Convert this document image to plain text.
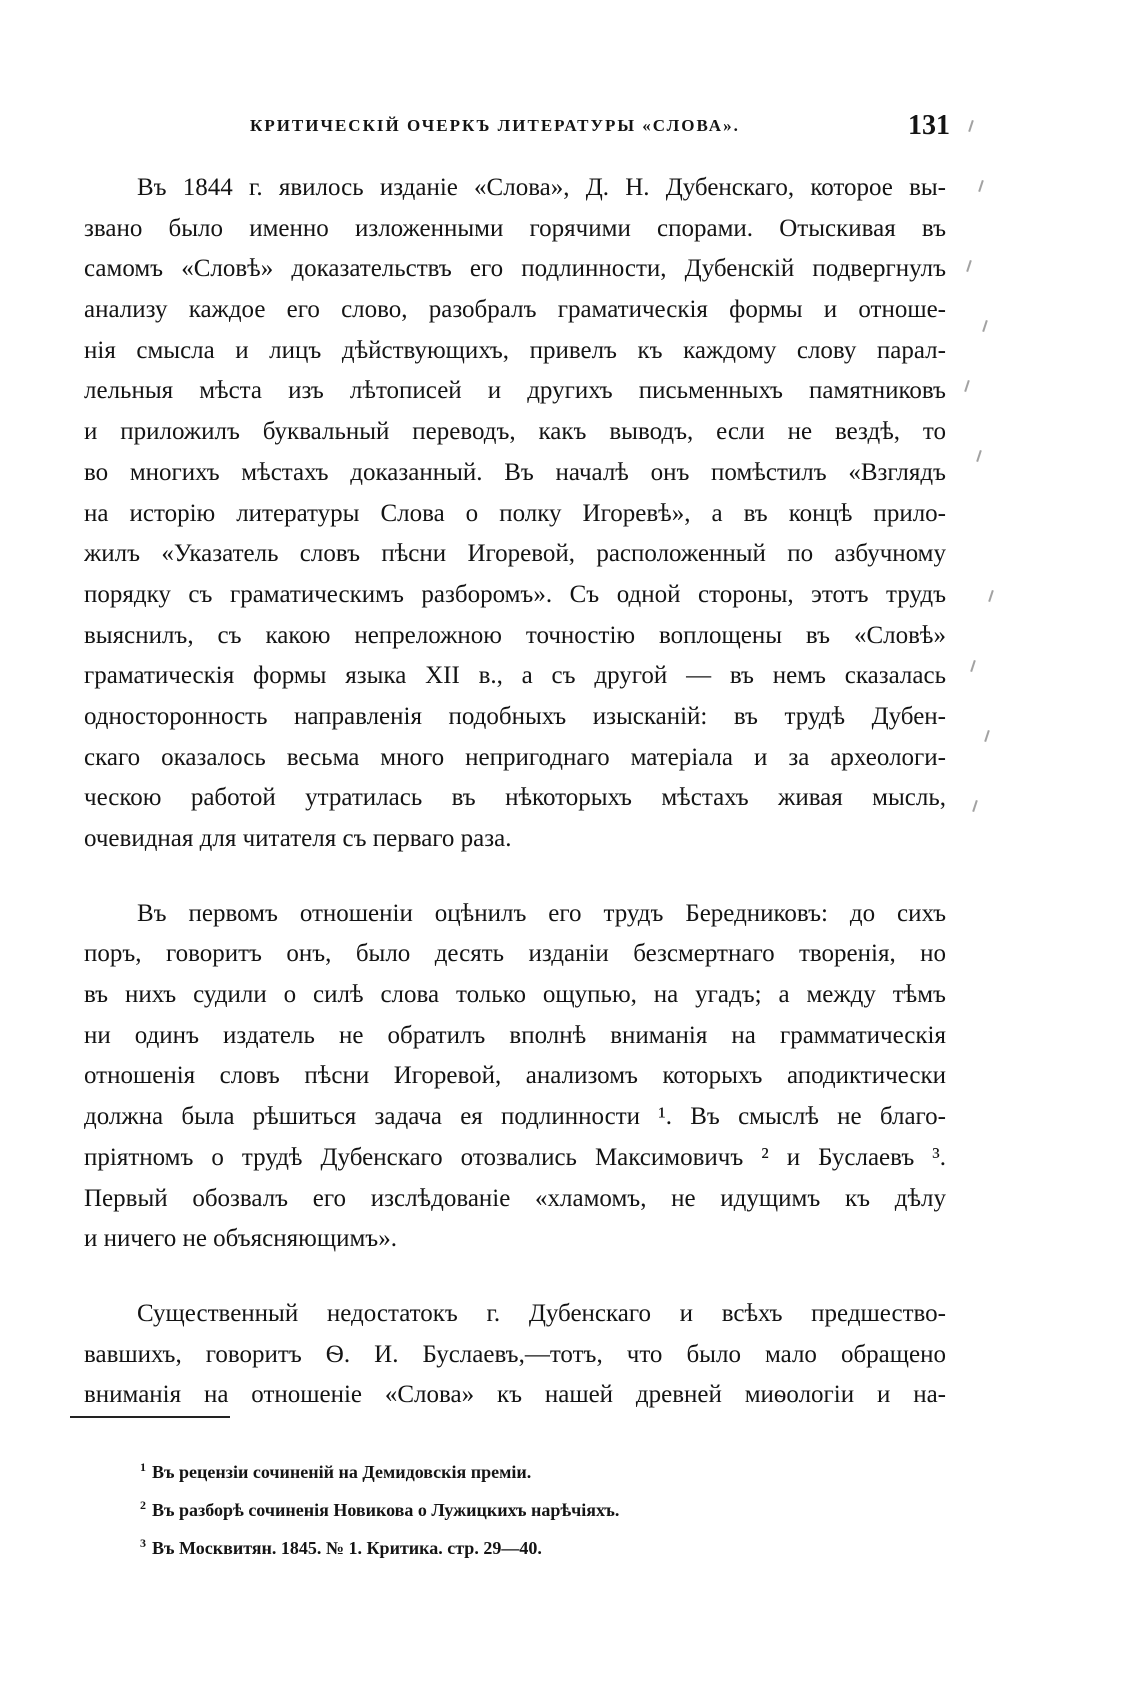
КРИТИЧЕСКІЙ ОЧЕРКЪ ЛИТЕРАТУРЫ «СЛОВА».	131
Въ 1844 г. явилось изданіе «Слова», Д. Н. Дубенскаго, которое вы-
звано было именно изложенными горячими спорами. Отыскивая въ
самомъ «Словѣ» доказательствъ его подлинности, Дубенскій подвергнулъ
анализу каждое его слово, разобралъ граматическія формы и отноше-
нія смысла и лицъ дѣйствующихъ, привелъ къ каждому слову парал-
лельныя мѣста изъ лѣтописей и другихъ письменныхъ памятниковъ
и приложилъ буквальный переводъ, какъ выводъ, если не вездѣ, то
во многихъ мѣстахъ доказанный. Въ началѣ онъ помѣстилъ «Взглядъ
на исторію литературы Слова о полку Игоревѣ», а въ концѣ прило-
жилъ «Указатель словъ пѣсни Игоревой, расположенный по азбучному
порядку съ граматическимъ разборомъ». Съ одной стороны, этотъ трудъ
выяснилъ, съ какою непреложною точностію воплощены въ «Словѣ»
граматическія формы языка XII в., а съ другой — въ немъ сказалась
односторонность направленія подобныхъ изысканій: въ трудѣ Дубен-
скаго оказалось весьма много непригоднаго матеріала и за археологи-
ческою работой утратилась въ нѣкоторыхъ мѣстахъ живая мысль,
очевидная для читателя съ перваго раза.
Въ первомъ отношеніи оцѣнилъ его трудъ Бередниковъ: до сихъ
поръ, говоритъ онъ, было десять изданіи безсмертнаго творенія, но
въ нихъ судили о силѣ слова только ощупью, на угадъ; а между тѣмъ
ни одинъ издатель не обратилъ вполнѣ вниманія на грамматическія
отношенія словъ пѣсни Игоревой, анализомъ которыхъ аподиктически
должна была рѣшиться задача ея подлинности ¹. Въ смыслѣ не благо-
пріятномъ о трудѣ Дубенскаго отозвались Максимовичъ ² и Буслаевъ ³.
Первый обозвалъ его изслѣдованіе «хламомъ, не идущимъ къ дѣлу
и ничего не объясняющимъ».
Существенный недостатокъ г. Дубенскаго и всѣхъ предшество-
вавшихъ, говоритъ Ѳ. И. Буслаевъ,—тотъ, что было мало обращено
вниманія на отношеніе «Слова» къ нашей древней миѳологіи и на-
$^1$ Въ рецензіи сочиненій на Демидовскія преміи.
$^2$ Въ разборѣ сочиненія Новикова о Лужицкихъ нарѣчіяхъ.
$^3$ Въ Москвитян. 1845. № 1. Критика. стр. 29—40.
